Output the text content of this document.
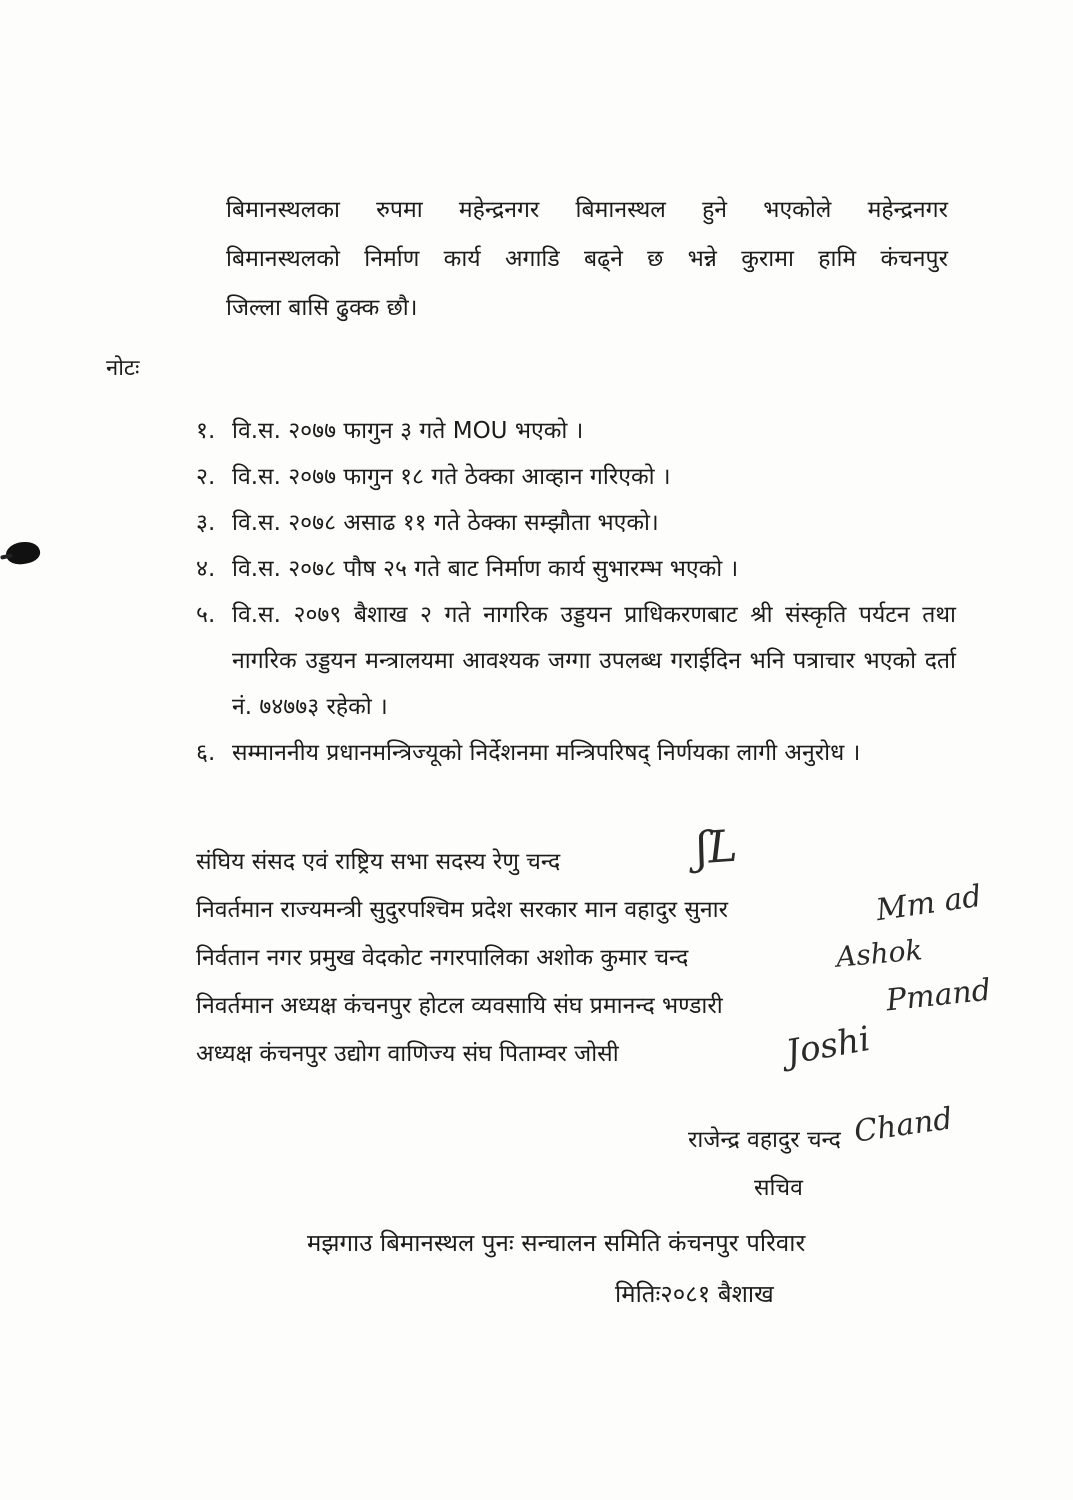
बिमानस्थलका रुपमा महेन्द्रनगर बिमानस्थल हुने भएकोले महेन्द्रनगर
बिमानस्थलको निर्माण कार्य अगाडि बढ्ने छ भन्ने कुरामा हामि कंचनपुर
जिल्ला बासि ढुक्क छौ।

नोटः

१. वि.स. २०७७ फागुन ३ गते MOU भएको ।
२. वि.स. २०७७ फागुन १८ गते ठेक्का आव्हान गरिएको ।
३. वि.स. २०७८ असाढ ११ गते ठेक्का सम्झौता भएको।
४. वि.स. २०७८ पौष २५ गते बाट निर्माण कार्य सुभारम्भ भएको ।
५. वि.स. २०७९ बैशाख २ गते नागरिक उड्डयन प्राधिकरणबाट श्री संस्कृति पर्यटन तथा नागरिक उड्डयन मन्त्रालयमा आवश्यक जग्गा उपलब्ध गराईदिन भनि पत्राचार भएको दर्ता नं. ७४७७३ रहेको ।
६. सम्माननीय प्रधानमन्त्रिज्यूको निर्देशनमा मन्त्रिपरिषद् निर्णयका लागी अनुरोध ।
संघिय संसद एवं राष्ट्रिय सभा सदस्य रेणु चन्द	ʃL
निवर्तमान राज्यमन्त्री सुदुरपश्चिम प्रदेश सरकार मान वहादुर सुनार	Mm ad
निर्वतान नगर प्रमुख वेदकोट नगरपालिका अशोक कुमार चन्द	Ashok
निवर्तमान अध्यक्ष कंचनपुर होटल व्यवसायि संघ प्रमानन्द भण्डारी	Pmand
अध्यक्ष कंचनपुर उद्योग वाणिज्य संघ पिताम्वर जोसी	Joshi
राजेन्द्र वहादुर चन्द Chand
सचिव
मझगाउ बिमानस्थल पुनः सन्चालन समिति कंचनपुर परिवार
मितिः२०८१ बैशाख
